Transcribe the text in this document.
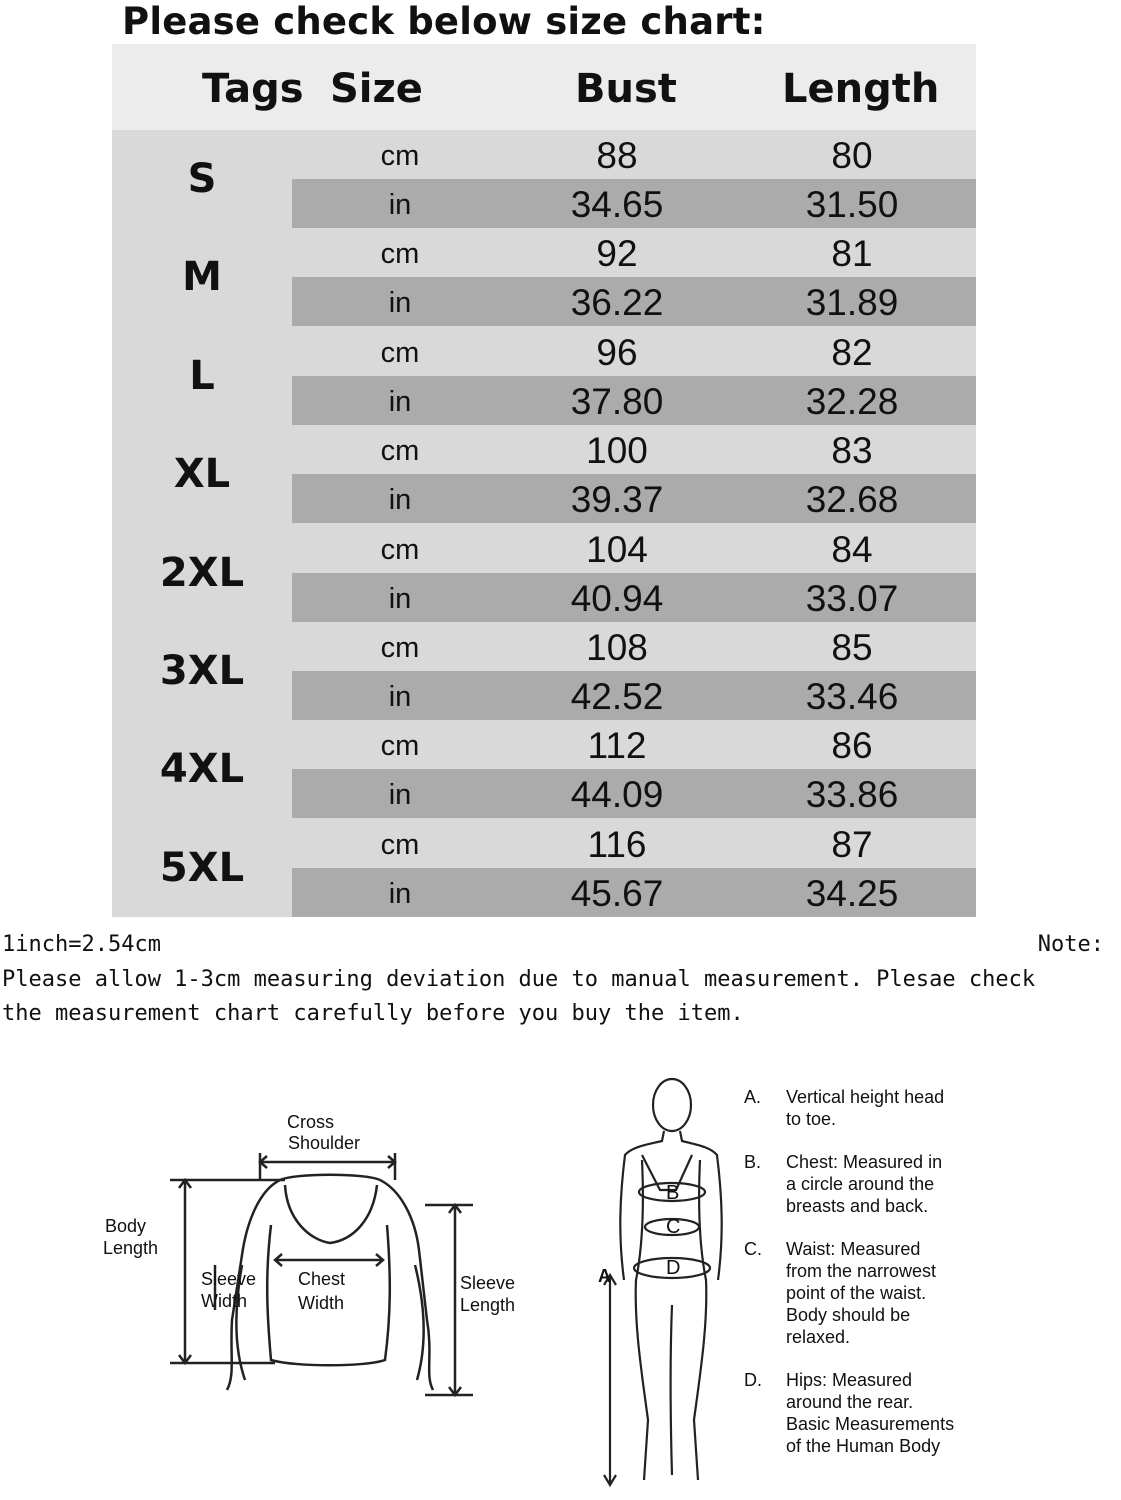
Please check below size chart:
Tags Size	Bust	Length
S	cm	88	80
in	34.65	31.50
M	cm	92	81
in	36.22	31.89
L	cm	96	82
in	37.80	32.28
XL	cm	100	83
in	39.37	32.68
2XL	cm	104	84
in	40.94	33.07
3XL	cm	108	85
in	42.52	33.46
4XL	cm	112	86
in	44.09	33.86
5XL	cm	116	87
in	45.67	34.25
1inch=2.54cm	Note:
Please allow 1-3cm measuring deviation due to manual measurement. Plesae check
the measurement chart carefully before you buy the item.
Cross
Shoulder
Body
Length
Sleeve
Width
Chest
Width
Sleeve
Length
A
B
C
D
A. Vertical height head
to toe.
B. Chest: Measured in
a circle around the
breasts and back.
C. Waist: Measured
from the narrowest
point of the waist.
Body should be
relaxed.
D. Hips: Measured
around the rear.
Basic Measurements
of the Human Body
